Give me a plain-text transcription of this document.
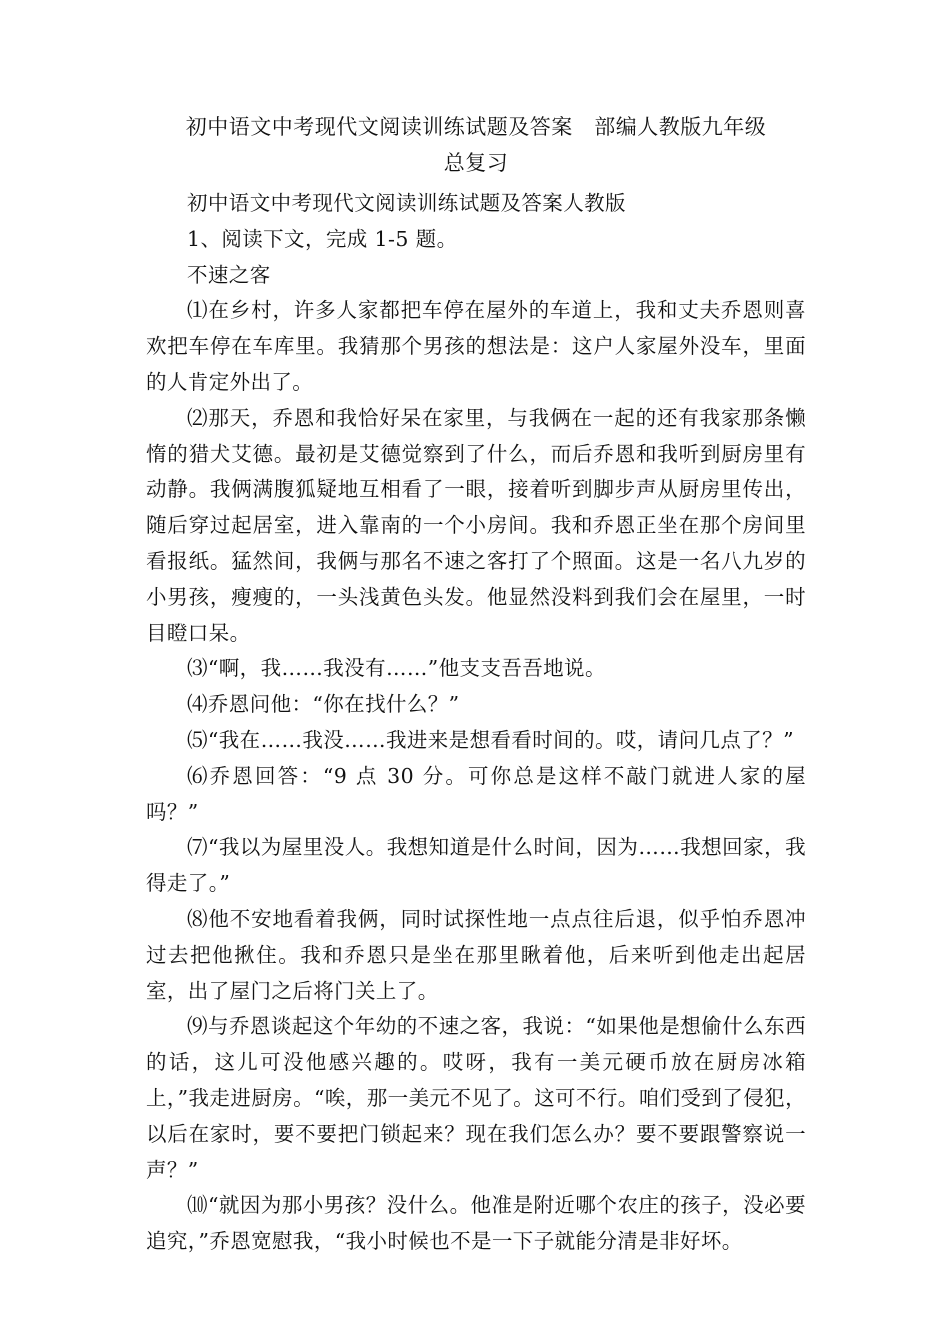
初中语文中考现代文阅读训练试题及答案　部编人教版九年级
总复习

初中语文中考现代文阅读训练试题及答案人教版

1、阅读下文，完成 1-5 题。

不速之客

⑴在乡村，许多人家都把车停在屋外的车道上，我和丈夫乔恩则喜欢把车停在车库里。我猜那个男孩的想法是：这户人家屋外没车，里面的人肯定外出了。

⑵那天，乔恩和我恰好呆在家里，与我俩在一起的还有我家那条懒惰的猎犬艾德。最初是艾德觉察到了什么，而后乔恩和我听到厨房里有动静。我俩满腹狐疑地互相看了一眼，接着听到脚步声从厨房里传出，随后穿过起居室，进入靠南的一个小房间。我和乔恩正坐在那个房间里看报纸。猛然间，我俩与那名不速之客打了个照面。这是一名八九岁的小男孩，瘦瘦的，一头浅黄色头发。他显然没料到我们会在屋里，一时目瞪口呆。

⑶“啊，我……我没有……”他支支吾吾地说。

⑷乔恩问他：“你在找什么？”

⑸“我在……我没……我进来是想看看时间的。哎，请问几点了？”

⑹乔恩回答：“9 点 30 分。可你总是这样不敲门就进人家的屋吗？”

⑺“我以为屋里没人。我想知道是什么时间，因为……我想回家，我得走了。”

⑻他不安地看着我俩，同时试探性地一点点往后退，似乎怕乔恩冲过去把他揪住。我和乔恩只是坐在那里瞅着他，后来听到他走出起居室，出了屋门之后将门关上了。

⑼与乔恩谈起这个年幼的不速之客，我说：“如果他是想偷什么东西的话，这儿可没他感兴趣的。哎呀，我有一美元硬币放在厨房冰箱上，”我走进厨房。“唉，那一美元不见了。这可不行。咱们受到了侵犯，以后在家时，要不要把门锁起来？现在我们怎么办？要不要跟警察说一声？”

⑽“就因为那小男孩？没什么。他准是附近哪个农庄的孩子，没必要追究，”乔恩宽慰我，“我小时候也不是一下子就能分清是非好坏。
